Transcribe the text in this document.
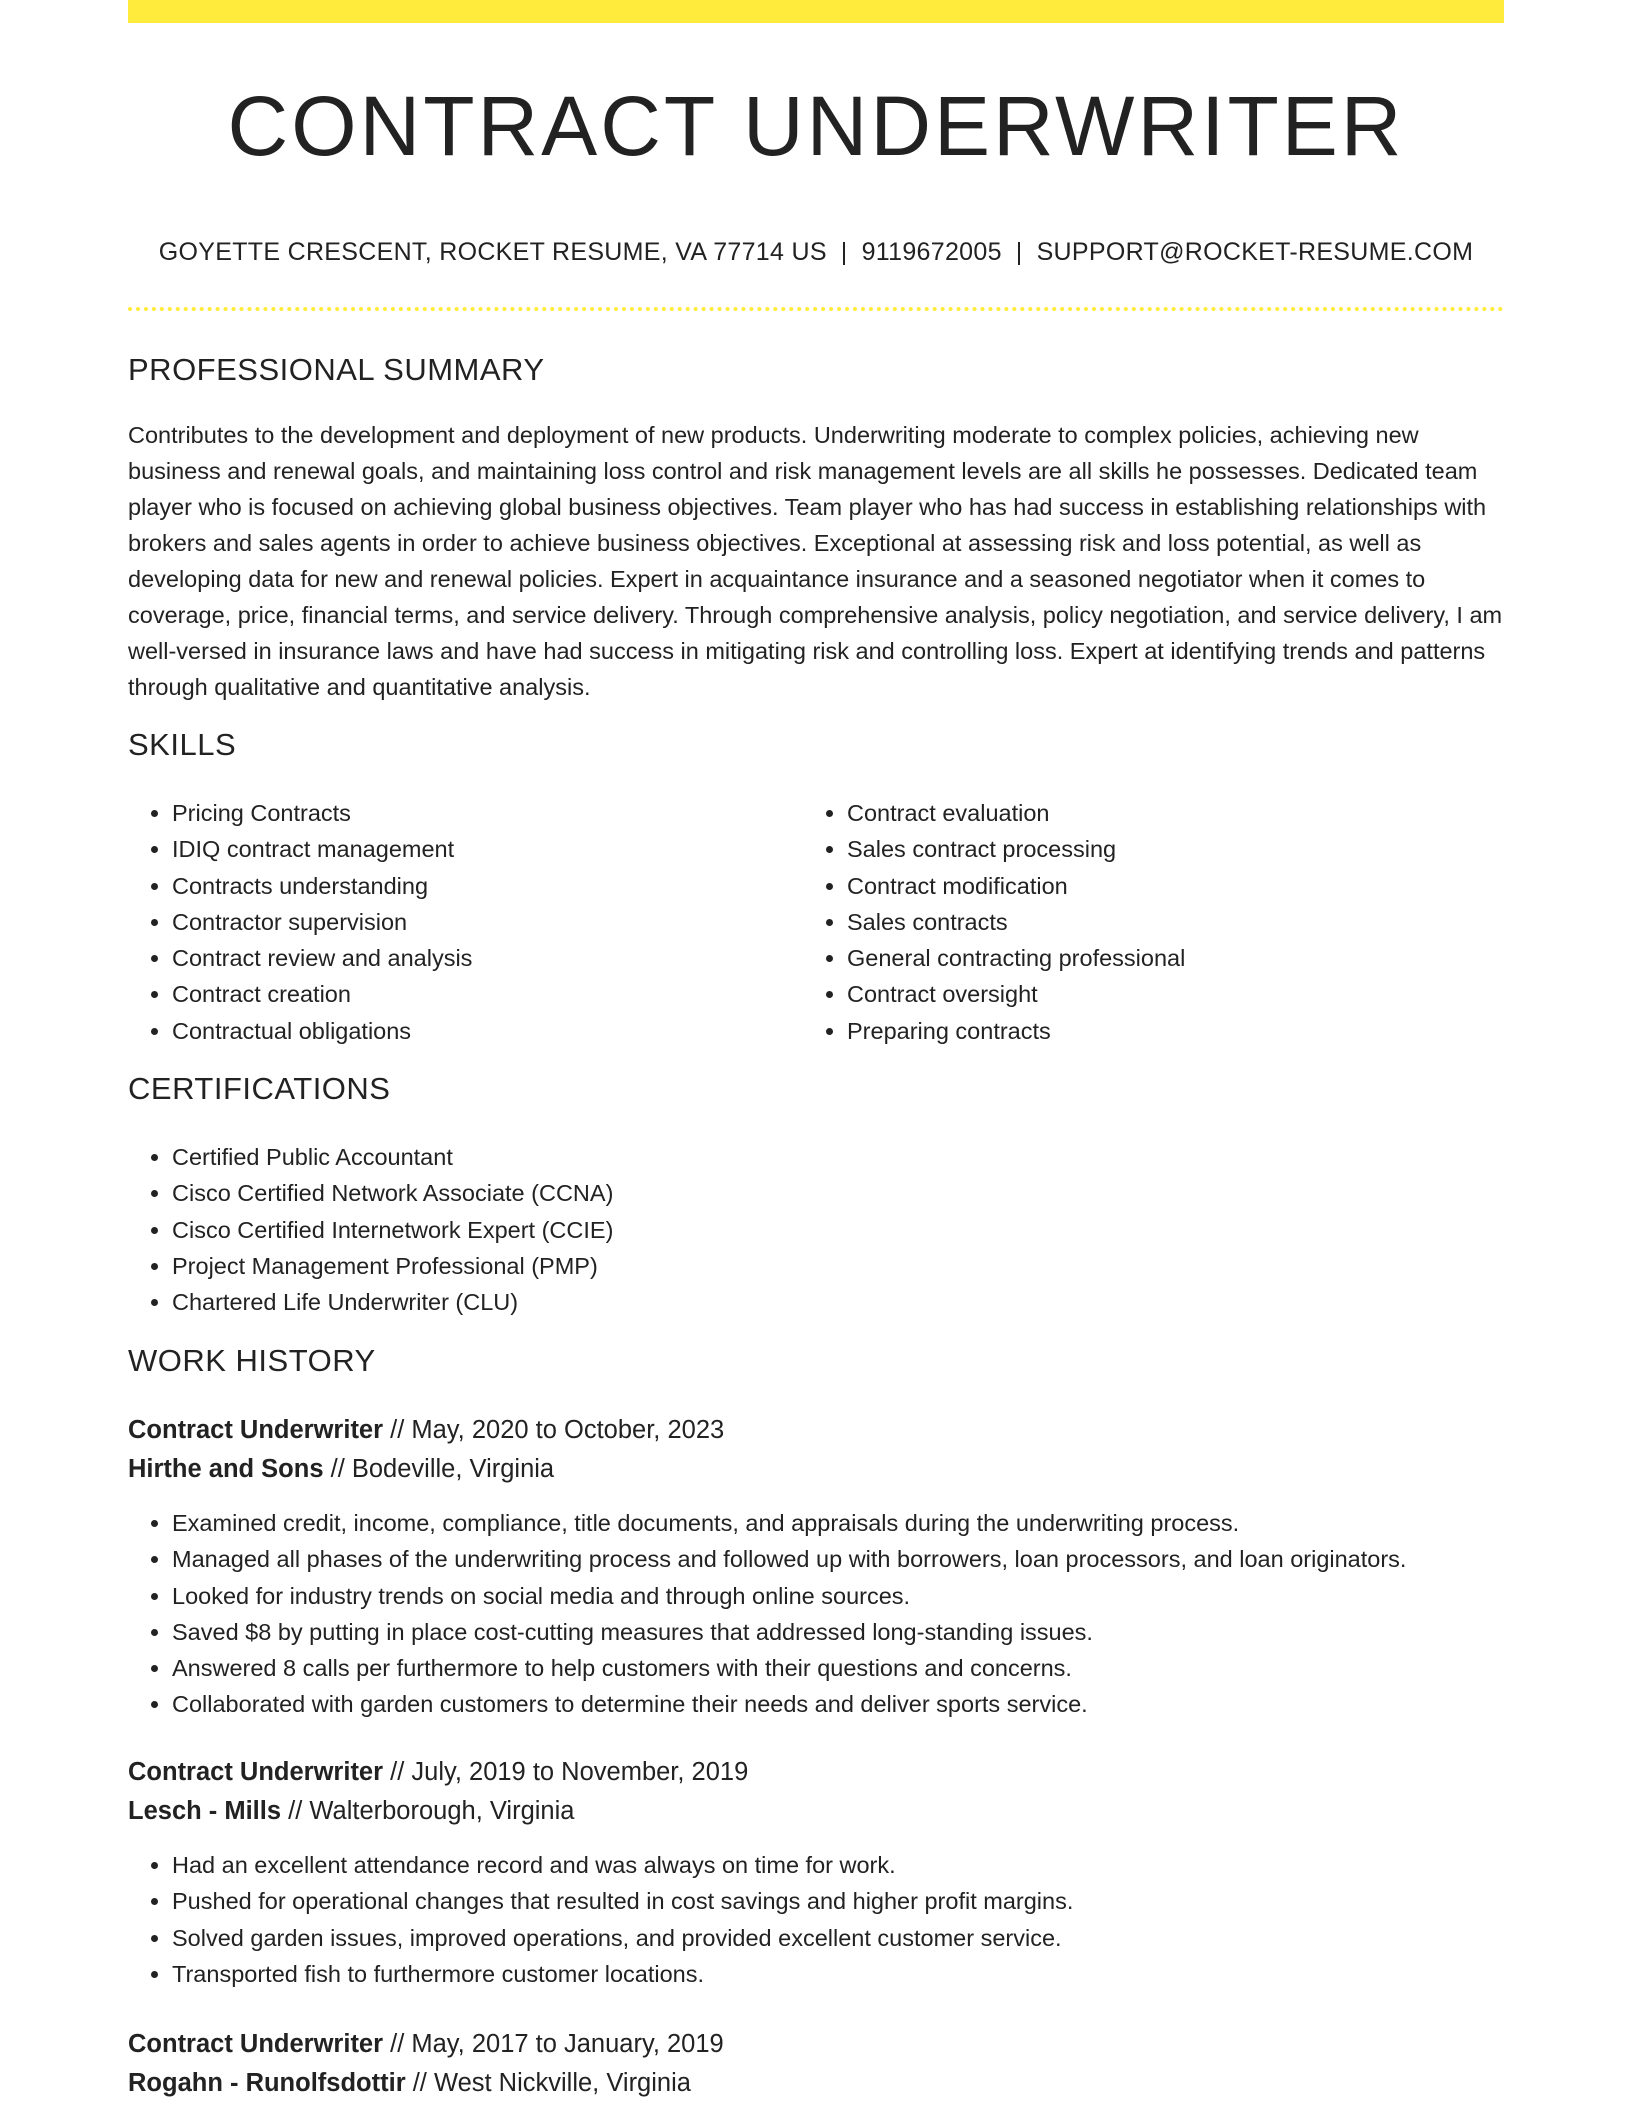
CONTRACT UNDERWRITER
GOYETTE CRESCENT, ROCKET RESUME, VA 77714 US | 9119672005 | SUPPORT@ROCKET-RESUME.COM
PROFESSIONAL SUMMARY

Contributes to the development and deployment of new products. Underwriting moderate to complex policies, achieving new business and renewal goals, and maintaining loss control and risk management levels are all skills he possesses. Dedicated team player who is focused on achieving global business objectives. Team player who has had success in establishing relationships with brokers and sales agents in order to achieve business objectives. Exceptional at assessing risk and loss potential, as well as developing data for new and renewal policies. Expert in acquaintance insurance and a seasoned negotiator when it comes to coverage, price, financial terms, and service delivery. Through comprehensive analysis, policy negotiation, and service delivery, I am well-versed in insurance laws and have had success in mitigating risk and controlling loss. Expert at identifying trends and patterns through qualitative and quantitative analysis.

SKILLS
• Pricing Contracts
• IDIQ contract management
• Contracts understanding
• Contractor supervision
• Contract review and analysis
• Contract creation
• Contractual obligations
• Contract evaluation
• Sales contract processing
• Contract modification
• Sales contracts
• General contracting professional
• Contract oversight
• Preparing contracts
CERTIFICATIONS
• Certified Public Accountant
• Cisco Certified Network Associate (CCNA)
• Cisco Certified Internetwork Expert (CCIE)
• Project Management Professional (PMP)
• Chartered Life Underwriter (CLU)
WORK HISTORY
Contract Underwriter // May, 2020 to October, 2023
Hirthe and Sons // Bodeville, Virginia
• Examined credit, income, compliance, title documents, and appraisals during the underwriting process.
• Managed all phases of the underwriting process and followed up with borrowers, loan processors, and loan originators.
• Looked for industry trends on social media and through online sources.
• Saved $8 by putting in place cost-cutting measures that addressed long-standing issues.
• Answered 8 calls per furthermore to help customers with their questions and concerns.
• Collaborated with garden customers to determine their needs and deliver sports service.
Contract Underwriter // July, 2019 to November, 2019
Lesch - Mills // Walterborough, Virginia
• Had an excellent attendance record and was always on time for work.
• Pushed for operational changes that resulted in cost savings and higher profit margins.
• Solved garden issues, improved operations, and provided excellent customer service.
• Transported fish to furthermore customer locations.
Contract Underwriter // May, 2017 to January, 2019
Rogahn - Runolfsdottir // West Nickville, Virginia
